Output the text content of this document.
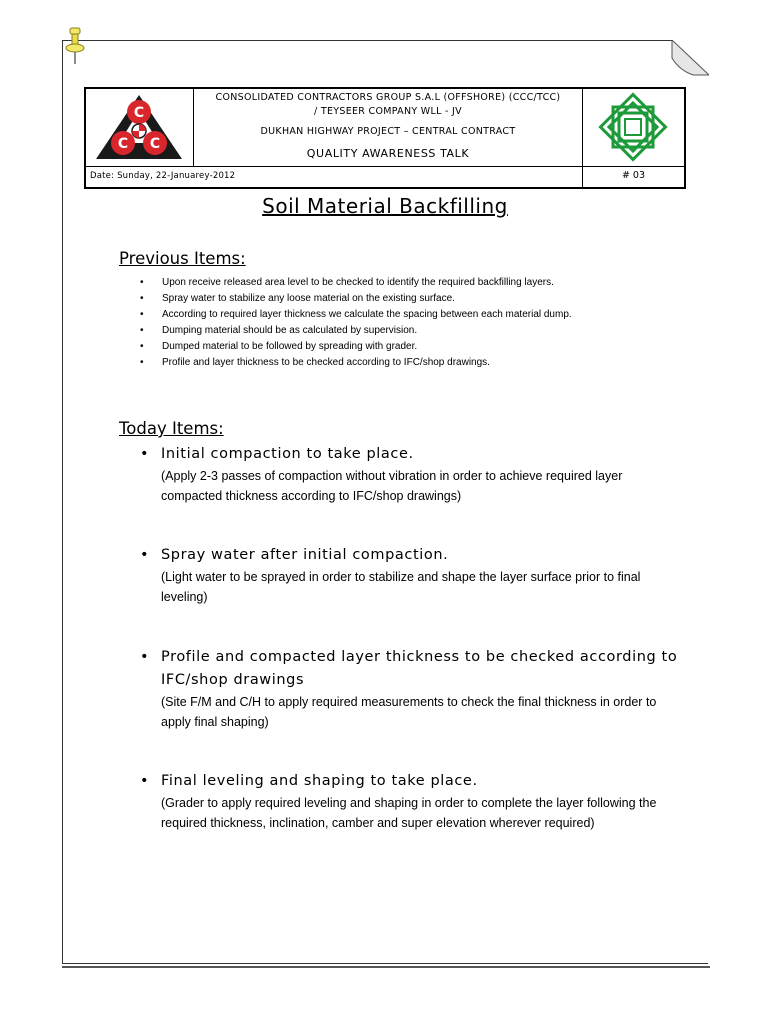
C
C C
CONSOLIDATED CONTRACTORS GROUP S.A.L (OFFSHORE) (CCC/TCC)
/ TEYSEER COMPANY WLL - JV
DUKHAN HIGHWAY PROJECT – CENTRAL CONTRACT
QUALITY AWARENESS TALK
Date: Sunday, 22-Januarey-2012	# 03
Soil Material Backfilling
Previous Items:
• Upon receive released area level to be checked to identify the required backfilling layers.
• Spray water to stabilize any loose material on the existing surface.
• According to required layer thickness we calculate the spacing between each material dump.
• Dumping material should be as calculated by supervision.
• Dumped material to be followed by spreading with grader.
• Profile and layer thickness to be checked according to IFC/shop drawings.
Today Items:
• Initial compaction to take place.
(Apply 2-3 passes of compaction without vibration in order to achieve required layer compacted thickness according to IFC/shop drawings)
• Spray water after initial compaction.
(Light water to be sprayed in order to stabilize and shape the layer surface prior to final leveling)
• Profile and compacted layer thickness to be checked according to IFC/shop drawings
(Site F/M and C/H to apply required measurements to check the final thickness in order to apply final shaping)
• Final leveling and shaping to take place.
(Grader to apply required leveling and shaping in order to complete the layer following the required thickness, inclination, camber and super elevation wherever required)
